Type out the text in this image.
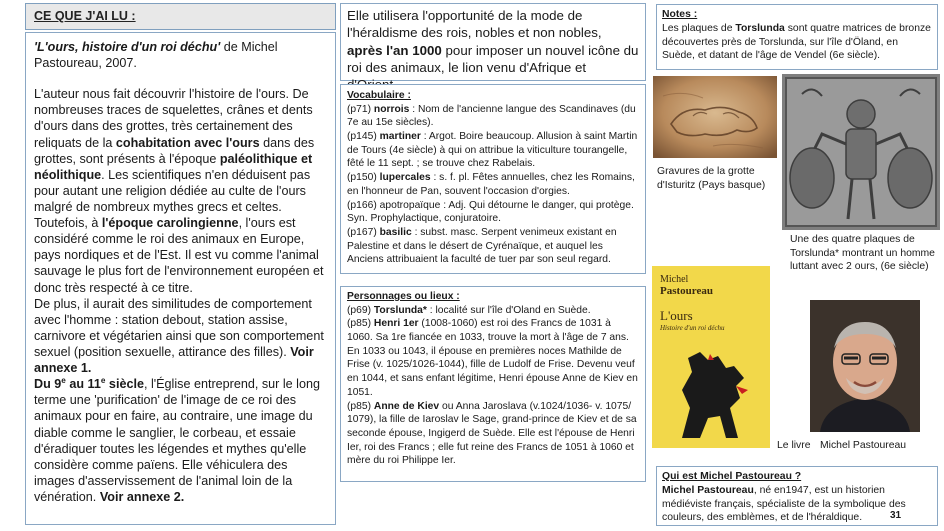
CE QUE J'AI LU :

'L'ours, histoire d'un roi déchu' de Michel Pastoureau, 2007.

L'auteur nous fait découvrir l'histoire de l'ours. De nombreuses traces de squelettes, crânes et dents d'ours dans des grottes, très certainement des reliquats de la cohabitation avec l'ours dans des grottes, sont présents à l'époque paléolithique et néolithique. Les scientifiques n'en déduisent pas pour autant une religion dédiée au culte de l'ours malgré de nombreux mythes grecs et celtes. Toutefois, à l'époque carolingienne, l'ours est considéré comme le roi des animaux en Europe, pays nordiques et de l'Est. Il est vu comme l'animal sauvage le plus fort de l'environnement européen et donc très respecté à ce titre.

De plus, il aurait des similitudes de comportement avec l'homme : station debout, station assise, carnivore et végétarien ainsi que son comportement sexuel (position sexuelle, attirance des filles). Voir annexe 1.

Du 9e au 11e siècle, l'Église entreprend, sur le long terme une 'purification' de l'image de ce roi des animaux pour en faire, au contraire, une image du diable comme le sanglier, le corbeau, et essaie d'éradiquer toutes les légendes et mythes qu'elle considère comme païens. Elle véhiculera des images d'asservissement de l'animal loin de la vénération. Voir annexe 2.

Elle utilisera l'opportunité de la mode de l'héraldisme des rois, nobles et non nobles, après l'an 1000 pour imposer un nouvel icône du roi des animaux, le lion venu d'Afrique et
Vocabulaire :
(p71) norrois : Nom de l'ancienne langue des Scandinaves (du 7e au 15e siècles).
(p145) martiner : Argot. Boire beaucoup. Allusion à saint Martin de Tours (4e siècle) à qui on attribue la viticulture tourangelle, fêté le 11 sept. ; se trouve chez Rabelais.
(p150) lupercales : s. f. pl. Fêtes annuelles, chez les Romains, en l'honneur de Pan, souvent l'occasion d'orgies.
(p166) apotropaïque : Adj. Qui détourne le danger, qui protège. Syn. Prophylactique, conjuratoire.
(p167) basilic : subst. masc. Serpent venimeux existant en Palestine et dans le désert de Cyrénaïque, et auquel les Anciens attribuaient la faculté de tuer par son seul regard.
Personnages ou lieux :
(p69) Torslunda* : localité sur l'île d'Oland en Suède.
(p85) Henri 1er (1008-1060) est roi des Francs de 1031 à 1060. Sa 1re fiancée en 1033, trouve la mort à l'âge de 7 ans. En 1033 ou 1043, il épouse en premières noces Mathilde de Frise (v. 1025/1026-1044), fille de Ludolf de Frise. Devenu veuf en 1044, et sans enfant légitime, Henri épouse Anne de Kiev en 1051.
(p85) Anne de Kiev ou Anna Jaroslava (v.1024/1036- v. 1075/ 1079), la fille de Iaroslav le Sage, grand-prince de Kiev et de sa seconde épouse, Ingigerd de Suède. Elle est l'épouse de Henri Ier, roi des Francs ; elle fut reine des Francs de 1051 à 1060 et mère du roi Philippe Ier.
Notes :
Les plaques de Torslunda sont quatre matrices de bronze découvertes près de Torslunda, sur l'île d'Öland, en Suède, et datant de l'âge de Vendel (6e siècle).
Gravures de la grotte d'Isturitz (Pays basque)
Une des quatre plaques de Torslunda* montrant un homme luttant avec 2 ours, (6e siècle)
Michel
Pastoureau
L'ours
Histoire d'un roi déchu
Le livre Michel Pastoureau
Qui est Michel Pastoureau ?
Michel Pastoureau, né en1947, est un historien médiéviste français, spécialiste de la symbolique des couleurs, des emblèmes, et de l'héraldique.	31
